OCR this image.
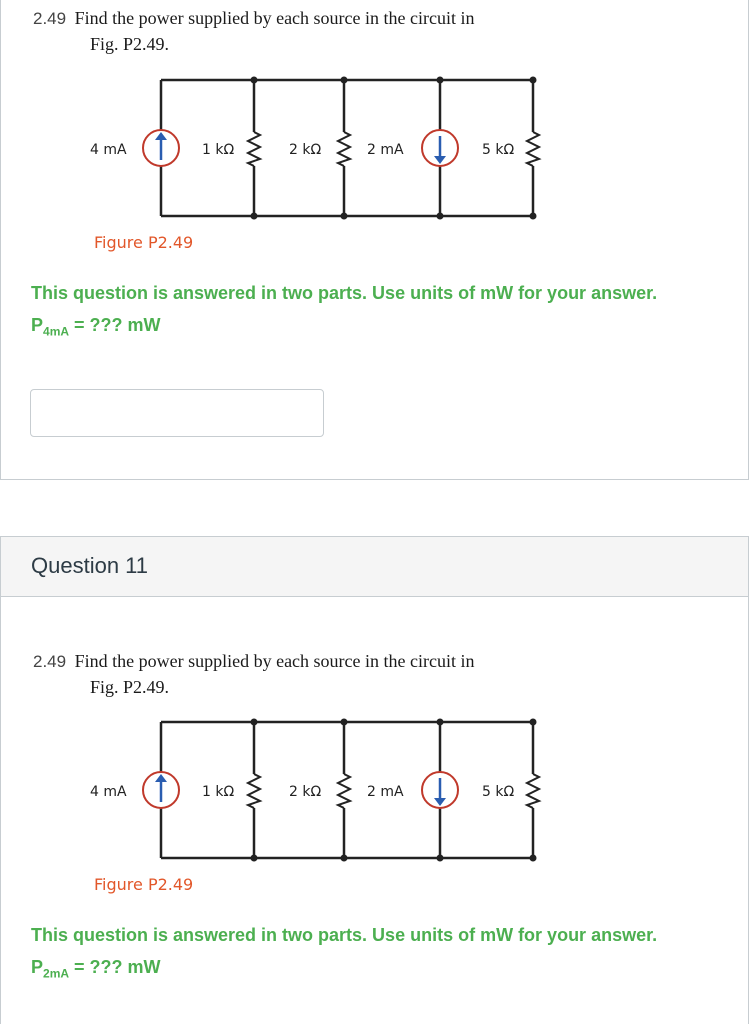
2.49 Find the power supplied by each source in the circuit in
Fig. P2.49.
4 mA	1 kΩ	2 kΩ	2 mA	5 kΩ
Figure P2.49
This question is answered in two parts. Use units of mW for your answer.
$P_{4mA}$ = ??? mW
Question 11
2.49 Find the power supplied by each source in the circuit in
Fig. P2.49.
4 mA	1 kΩ	2 kΩ	2 mA	5 kΩ
Figure P2.49
This question is answered in two parts. Use units of mW for your answer.
$P_{2mA}$ = ??? mW
